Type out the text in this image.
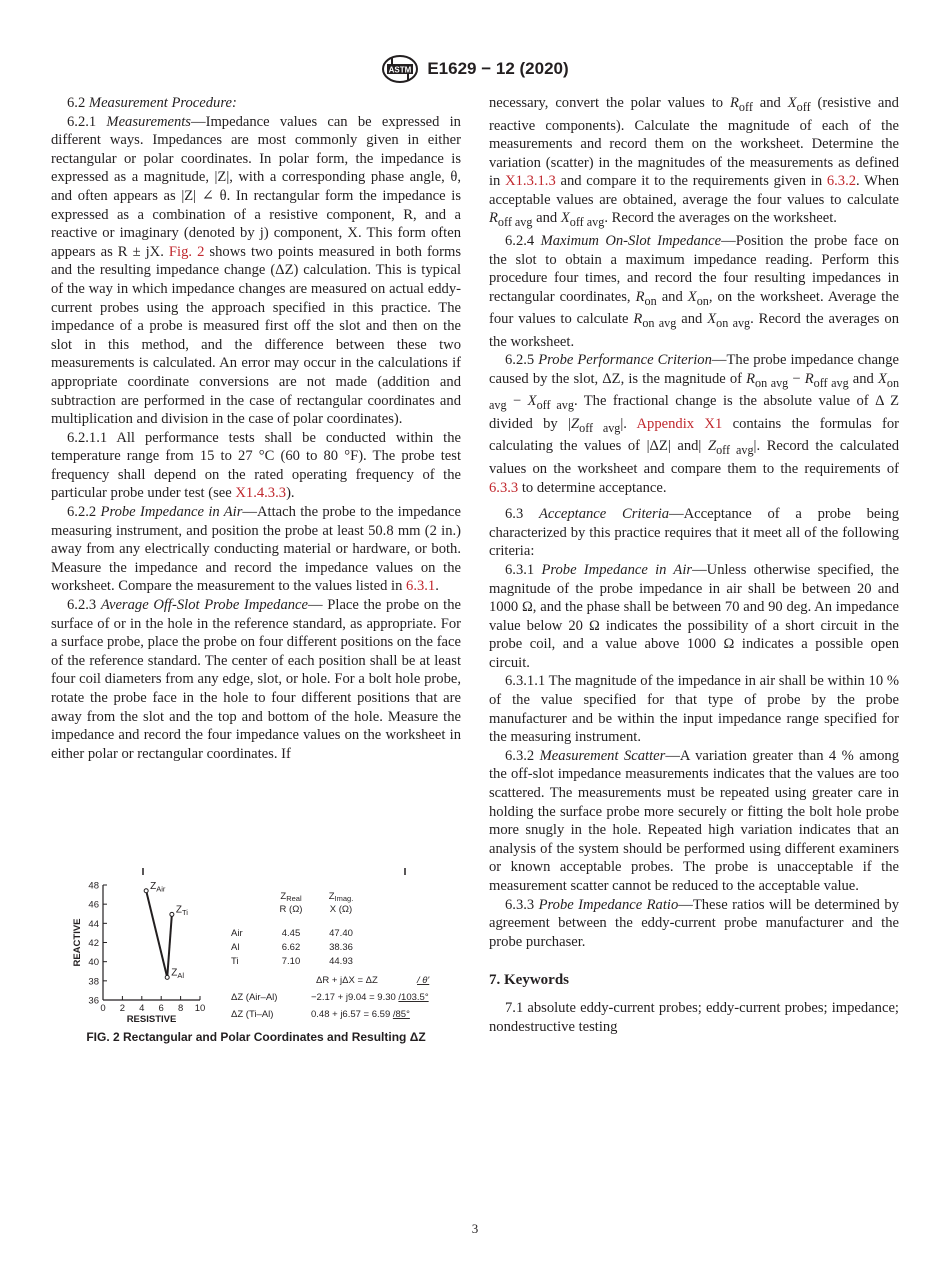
ASTM E1629 − 12 (2020)

6.2 Measurement Procedure:

6.2.1 Measurements—Impedance values can be expressed in different ways. Impedances are most commonly given in either rectangular or polar coordinates. In polar form, the impedance is expressed as a magnitude, |Z|, with a corresponding phase angle, θ, and often appears as |Z| ∠ θ. In rectangular form the impedance is expressed as a combination of a resistive component, R, and a reactive or imaginary (denoted by j) component, X. This form often appears as R ± jX. Fig. 2 shows two points measured in both forms and the resulting impedance change (ΔZ) calculation. This is typical of the way in which impedance changes are measured on actual eddy-current probes using the approach specified in this practice. The impedance of a probe is measured first off the slot and then on the slot in this method, and the difference between these two measurements is calculated. An error may occur in the calculations if appropriate coordinate conversions are not made (addition and subtraction are performed in the case of rectangular coordinates and multiplication and division in the case of polar coordinates).

6.2.1.1 All performance tests shall be conducted within the temperature range from 15 to 27 °C (60 to 80 °F). The probe test frequency shall depend on the rated operating frequency of the particular probe under test (see X1.4.3.3).

6.2.2 Probe Impedance in Air—Attach the probe to the impedance measuring instrument, and position the probe at least 50.8 mm (2 in.) away from any electrically conducting material or hardware, or both. Measure the impedance and record the impedance values on the worksheet. Compare the measurement to the values listed in 6.3.1.

6.2.3 Average Off-Slot Probe Impedance— Place the probe on the surface of or in the hole in the reference standard, as appropriate. For a surface probe, place the probe on four different positions on the face of the reference standard. The center of each position shall be at least four coil diameters from any edge, slot, or hole. For a bolt hole probe, rotate the probe face in the hole to four different positions that are away from the slot and the top and bottom of the hole. Measure the impedance and record the four impedance values on the worksheet in either polar or rectangular coordinates. If

36
38
40
42
44
46
48
0 2 4 6 8 10
RESISTIVE
REACTIVE
$Z_{Air}$
$Z_{Ti}$
$Z_{Al}$
$Z_{Real}$	$Z_{Imag.}$
R (Ω)	X (Ω)
Air	4.45	47.40
Al	6.62	38.36
Ti	7.10	44.93
ΔR + jΔX = ΔZ	/ θ'
ΔZ (Air–Al)	−2.17 + j9.04 = 9.30 /103.5°
ΔZ (Ti–Al)	0.48 + j6.57 = 6.59 /85°
FIG. 2 Rectangular and Polar Coordinates and Resulting ΔZ

necessary, convert the polar values to $R_{off}$ and $X_{off}$ (resistive and reactive components). Calculate the magnitude of each of the measurements and record them on the worksheet. Determine the variation (scatter) in the magnitudes of the measurements as defined in X1.3.1.3 and compare it to the requirements given in 6.3.2. When acceptable values are obtained, average the four values to calculate $R_{off avg}$ and $X_{off avg}$. Record the averages on the worksheet.

6.2.4 Maximum On-Slot Impedance—Position the probe face on the slot to obtain a maximum impedance reading. Perform this procedure four times, and record the four resulting impedances in rectangular coordinates, $R_{on}$ and $X_{on}$, on the worksheet. Average the four values to calculate $R_{on avg}$ and $X_{on avg}$. Record the averages on the worksheet.

6.2.5 Probe Performance Criterion—The probe impedance change caused by the slot, ΔZ, is the magnitude of $R_{on avg} - R_{off avg}$ and $X_{on avg} - X_{off avg}$. The fractional change is the absolute value of Δ Z divided by $|Z_{off avg}|$. Appendix X1 contains the formulas for calculating the values of |ΔZ| and| $Z_{off avg}|$. Record the calculated values on the worksheet and compare them to the requirements of 6.3.3 to determine acceptance.

6.3 Acceptance Criteria—Acceptance of a probe being characterized by this practice requires that it meet all of the following criteria:

6.3.1 Probe Impedance in Air—Unless otherwise specified, the magnitude of the probe impedance in air shall be between 20 and 1000 Ω, and the phase shall be between 70 and 90 deg. An impedance value below 20 Ω indicates the possibility of a short circuit in the probe coil, and a value above 1000 Ω indicates a possible open circuit.

6.3.1.1 The magnitude of the impedance in air shall be within 10 % of the value specified for that type of probe by the probe manufacturer and be within the input impedance range specified for the measuring instrument.

6.3.2 Measurement Scatter—A variation greater than 4 % among the off-slot impedance measurements indicates that the values are too scattered. The measurements must be repeated using greater care in holding the surface probe more securely or fitting the bolt hole probe more snugly in the hole. Repeated high variation indicates that an analysis of the system should be performed using different examiners or known acceptable probes. The probe is unacceptable if the measurement scatter cannot be reduced to the acceptable value.

6.3.3 Probe Impedance Ratio—These ratios will be determined by agreement between the eddy-current probe manufacturer and the probe purchaser.

7. Keywords

7.1 absolute eddy-current probes; eddy-current probes; impedance; nondestructive testing

3
